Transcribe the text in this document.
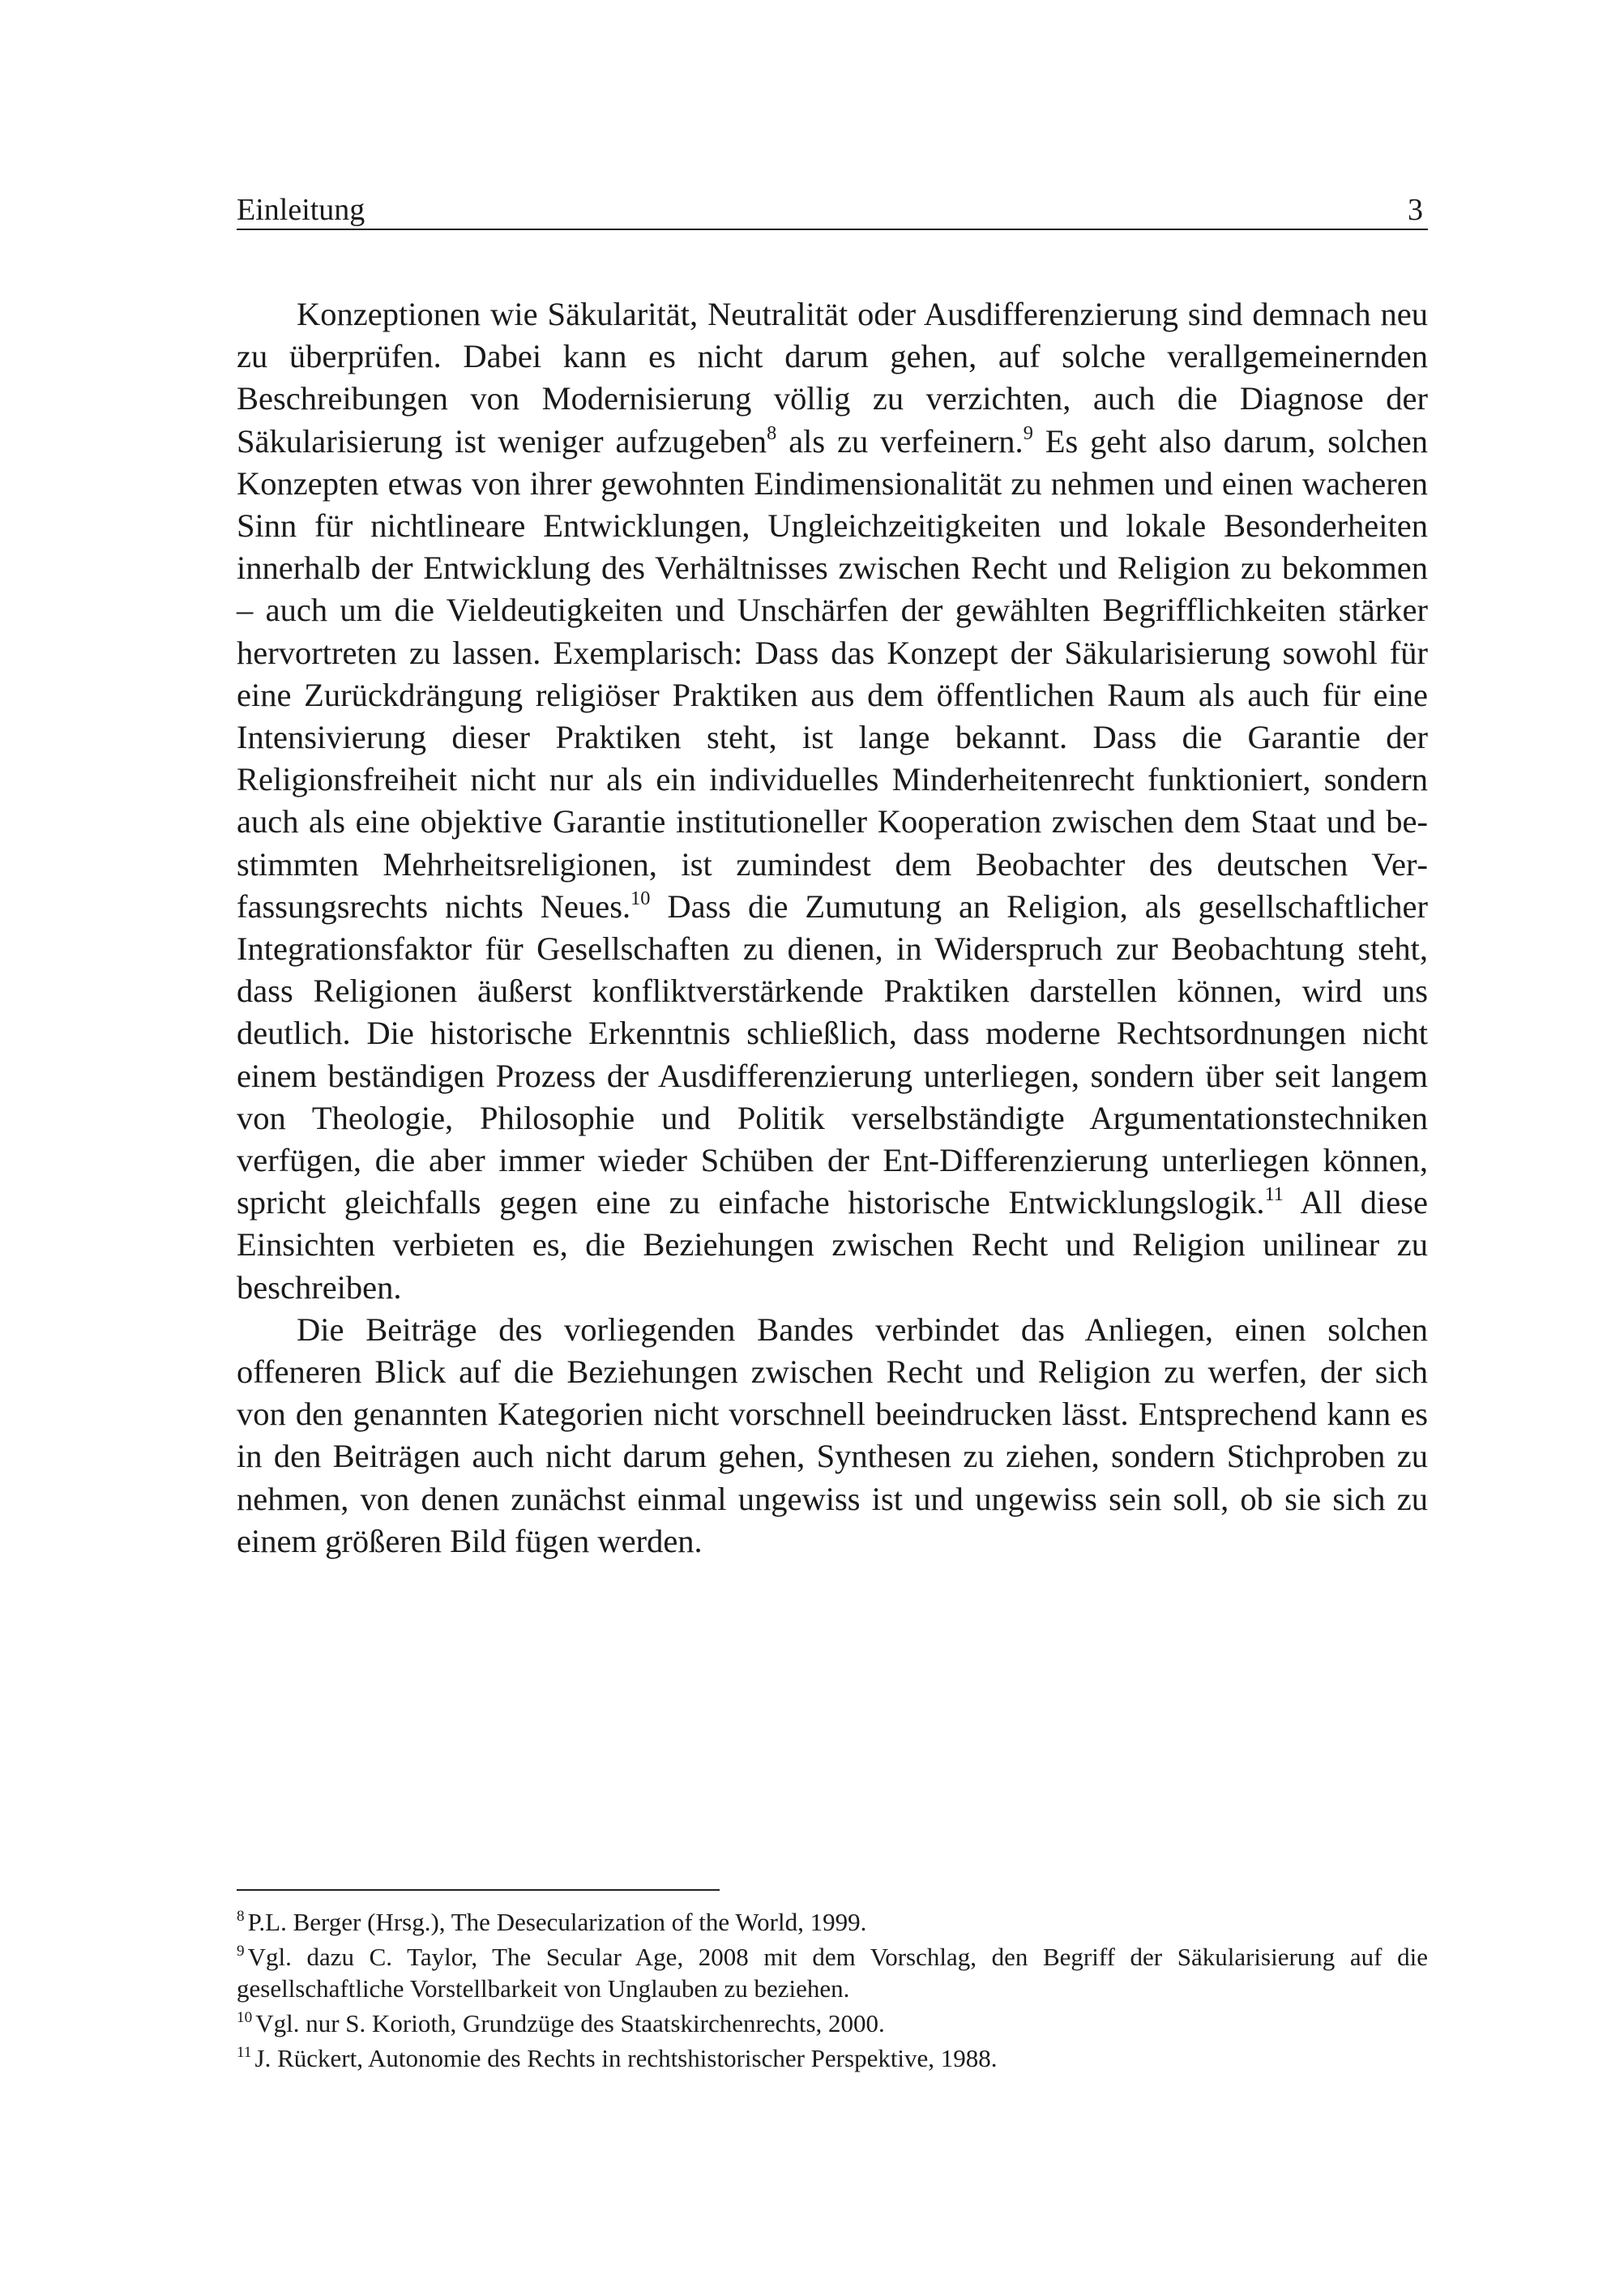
Einleitung	3

Konzeptionen wie Säkularität, Neutralität oder Ausdifferenzierung sind demnach neu zu überprüfen. Dabei kann es nicht darum gehen, auf solche verallgemeinernden Beschreibungen von Modernisierung völlig zu verzichten, auch die Diagnose der Säkularisierung ist weniger aufzugeben$^8$ als zu verfeinern.$^9$ Es geht also darum, solchen Konzepten etwas von ihrer gewohnten Eindimensionalität zu nehmen und einen wacheren Sinn für nichtlineare Entwicklungen, Ungleichzeitigkeiten und lokale Besonderheiten innerhalb der Entwicklung des Verhältnisses zwischen Recht und Religion zu bekommen – auch um die Vieldeutigkeiten und Unschärfen der gewählten Begrifflichkeiten stärker hervortreten zu lassen. Exemplarisch: Dass das Konzept der Säkularisierung sowohl für eine Zurückdrängung religiöser Praktiken aus dem öffentlichen Raum als auch für eine Intensivierung dieser Praktiken steht, ist lange bekannt. Dass die Garantie der Religionsfreiheit nicht nur als ein individuelles Minderheitenrecht funktioniert, sondern auch als eine objektive Garantie institutioneller Kooperation zwischen dem Staat und bestimmten Mehrheitsreligionen, ist zumindest dem Beobachter des deutschen Verfassungsrechts nichts Neues.$^{10}$ Dass die Zumutung an Religion, als gesellschaftlicher Integrationsfaktor für Gesellschaften zu dienen, in Widerspruch zur Beobachtung steht, dass Religionen äußerst konfliktverstärkende Praktiken darstellen können, wird uns deutlich. Die historische Erkenntnis schließlich, dass moderne Rechtsordnungen nicht einem beständigen Prozess der Ausdifferenzierung unterliegen, sondern über seit langem von Theologie, Philosophie und Politik verselbständigte Argumentationstechniken verfügen, die aber immer wieder Schüben der Ent-Differenzierung unterliegen können, spricht gleichfalls gegen eine zu einfache historische Entwicklungslogik.$^{11}$ All diese Einsichten verbieten es, die Beziehungen zwischen Recht und Religion unilinear zu beschreiben.

Die Beiträge des vorliegenden Bandes verbindet das Anliegen, einen solchen offeneren Blick auf die Beziehungen zwischen Recht und Religion zu werfen, der sich von den genannten Kategorien nicht vorschnell beeindrucken lässt. Entsprechend kann es in den Beiträgen auch nicht darum gehen, Synthesen zu ziehen, sondern Stichproben zu nehmen, von denen zunächst einmal ungewiss ist und ungewiss sein soll, ob sie sich zu einem größeren Bild fügen werden.

$^8$ P.L. Berger (Hrsg.), The Desecularization of the World, 1999.

$^9$ Vgl. dazu C. Taylor, The Secular Age, 2008 mit dem Vorschlag, den Begriff der Säkularisierung auf die gesellschaftliche Vorstellbarkeit von Unglauben zu beziehen.

$^{10}$ Vgl. nur S. Korioth, Grundzüge des Staatskirchenrechts, 2000.

$^{11}$ J. Rückert, Autonomie des Rechts in rechtshistorischer Perspektive, 1988.
